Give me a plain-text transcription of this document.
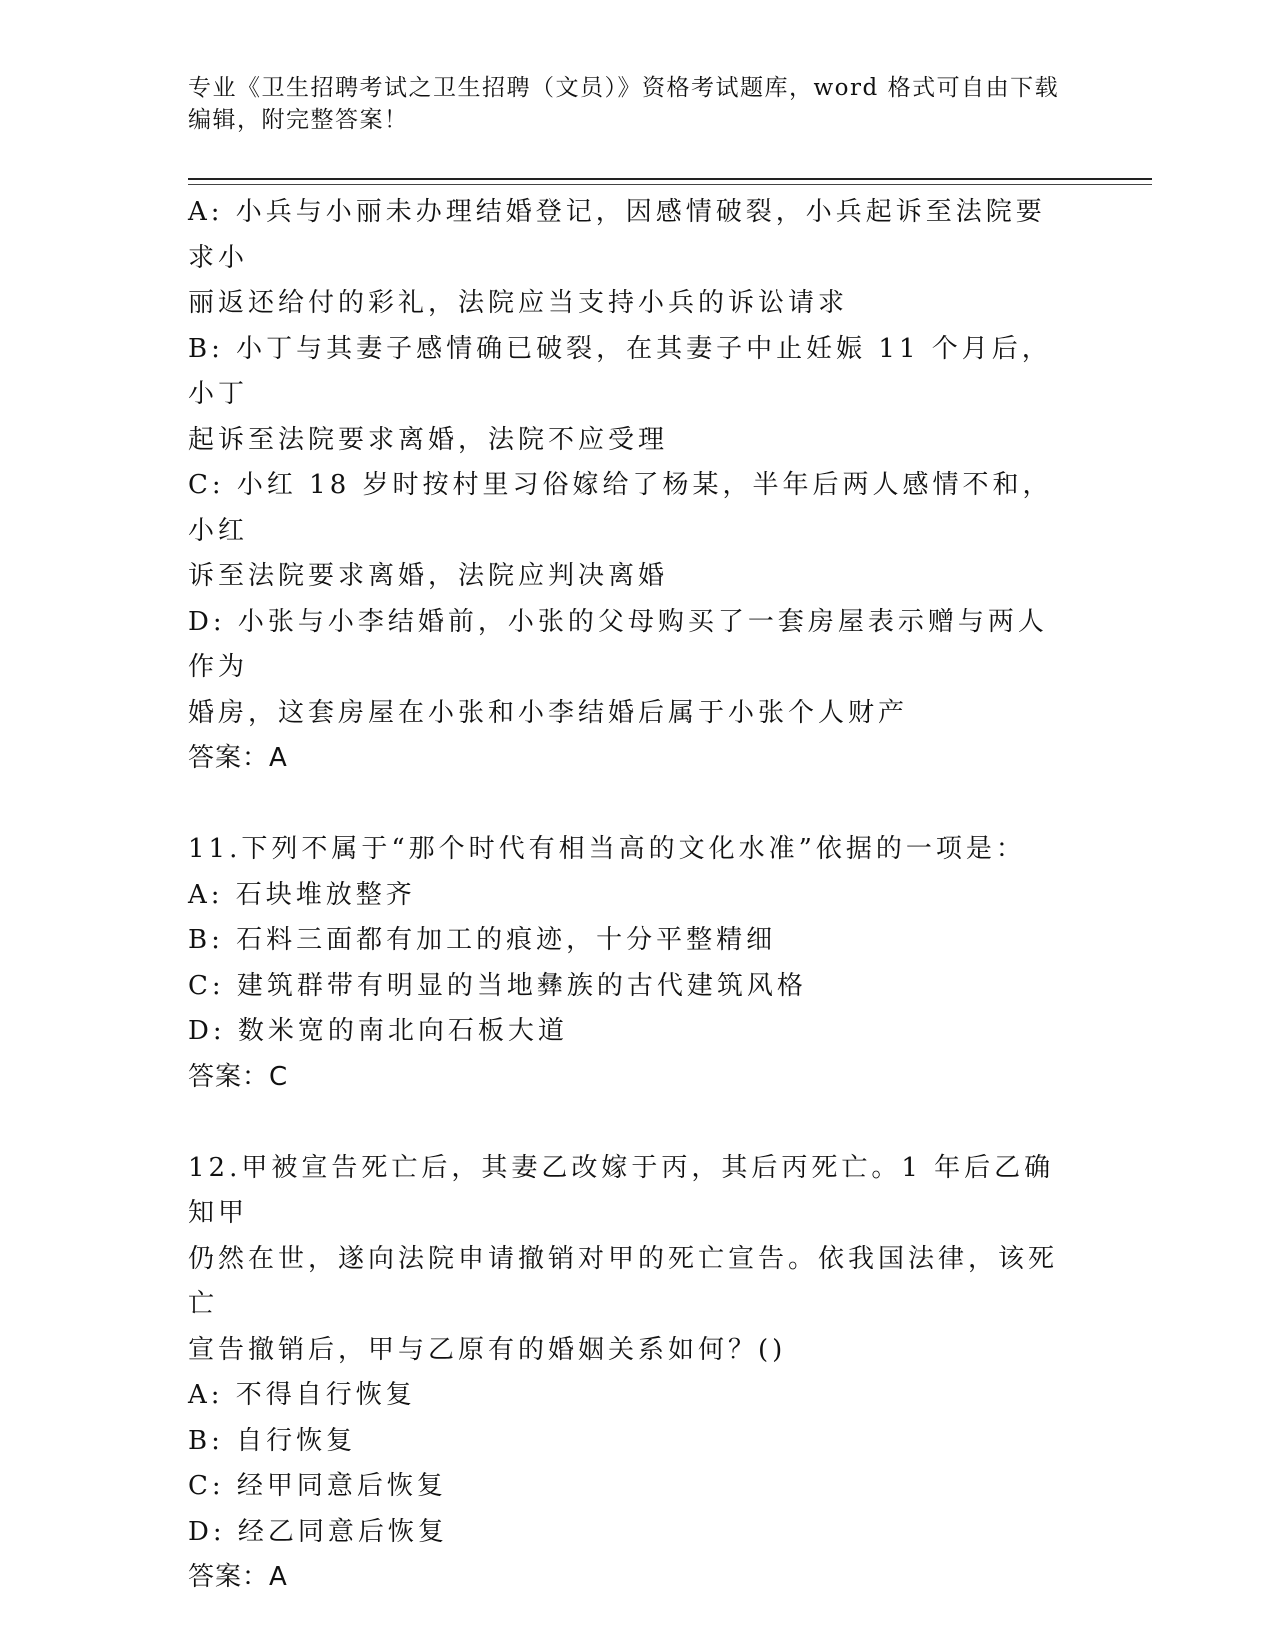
专业《卫生招聘考试之卫生招聘（文员）》资格考试题库，word 格式可自由下载
编辑，附完整答案！
A: 小兵与小丽未办理结婚登记，因感情破裂，小兵起诉至法院要求小
丽返还给付的彩礼，法院应当支持小兵的诉讼请求
B: 小丁与其妻子感情确已破裂，在其妻子中止妊娠 11 个月后，小丁
起诉至法院要求离婚，法院不应受理
C: 小红 18 岁时按村里习俗嫁给了杨某，半年后两人感情不和，小红
诉至法院要求离婚，法院应判决离婚
D: 小张与小李结婚前，小张的父母购买了一套房屋表示赠与两人作为
婚房，这套房屋在小张和小李结婚后属于小张个人财产
答案：A
11.下列不属于“那个时代有相当高的文化水准”依据的一项是：
A: 石块堆放整齐
B: 石料三面都有加工的痕迹，十分平整精细
C: 建筑群带有明显的当地彝族的古代建筑风格
D: 数米宽的南北向石板大道
答案：C
12.甲被宣告死亡后，其妻乙改嫁于丙，其后丙死亡。1 年后乙确知甲
仍然在世，遂向法院申请撤销对甲的死亡宣告。依我国法律，该死亡
宣告撤销后，甲与乙原有的婚姻关系如何？()
A: 不得自行恢复
B: 自行恢复
C: 经甲同意后恢复
D: 经乙同意后恢复
答案：A
